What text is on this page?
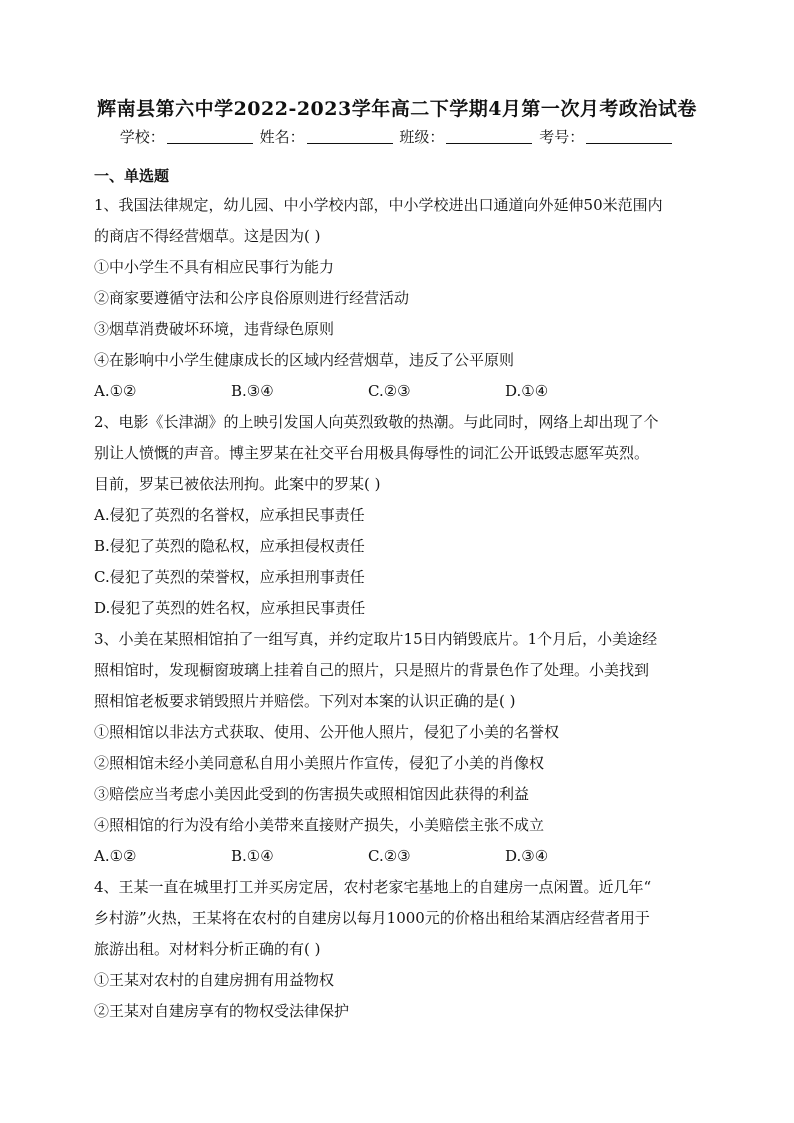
辉南县第六中学2022-2023学年高二下学期4月第一次月考政治试卷
学校：	姓名：	班级：	考号：
一、单选题
1、我国法律规定，幼儿园、中小学校内部，中小学校进出口通道向外延伸50米范围内
的商店不得经营烟草。这是因为( )
①中小学生不具有相应民事行为能力
②商家要遵循守法和公序良俗原则进行经营活动
③烟草消费破坏环境，违背绿色原则
④在影响中小学生健康成长的区域内经营烟草，违反了公平原则
A.①②	B.③④	C.②③	D.①④
2、电影《长津湖》的上映引发国人向英烈致敬的热潮。与此同时，网络上却出现了个
别让人愤慨的声音。博主罗某在社交平台用极具侮辱性的词汇公开诋毁志愿军英烈。
目前，罗某已被依法刑拘。此案中的罗某( )
A.侵犯了英烈的名誉权，应承担民事责任
B.侵犯了英烈的隐私权，应承担侵权责任
C.侵犯了英烈的荣誉权，应承担刑事责任
D.侵犯了英烈的姓名权，应承担民事责任
3、小美在某照相馆拍了一组写真，并约定取片15日内销毁底片。1个月后，小美途经
照相馆时，发现橱窗玻璃上挂着自己的照片，只是照片的背景色作了处理。小美找到
照相馆老板要求销毁照片并赔偿。下列对本案的认识正确的是( )
①照相馆以非法方式获取、使用、公开他人照片，侵犯了小美的名誉权
②照相馆未经小美同意私自用小美照片作宣传，侵犯了小美的肖像权
③赔偿应当考虑小美因此受到的伤害损失或照相馆因此获得的利益
④照相馆的行为没有给小美带来直接财产损失，小美赔偿主张不成立
A.①②	B.①④	C.②③	D.③④
4、王某一直在城里打工并买房定居，农村老家宅基地上的自建房一点闲置。近几年“
乡村游”火热，王某将在农村的自建房以每月1000元的价格出租给某酒店经营者用于
旅游出租。对材料分析正确的有( )
①王某对农村的自建房拥有用益物权
②王某对自建房享有的物权受法律保护
